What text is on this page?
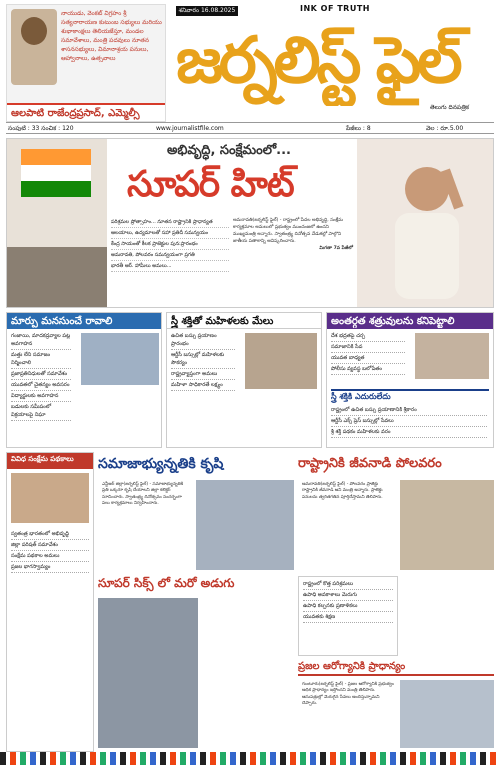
నాయుడు, వెంకట్ విగ్రహం శ్రీ సత్యనారాయణ కుటుంబ సభ్యులు మరియు శుభాకాంక్షలు తెలియజేస్తూ, మండల సమావేశాలు, మంత్రి పదవులు నూతన శాసనసభ్యులు, విమానాశ్రయ పనులు, ఆహ్వానాలు, ఉత్సవాలు
ఆలపాటి రాజేంద్రప్రసాద్, ఎమ్మెల్సీ
శనివారం 16.08.2025	INK OF TRUTH
జర్నలిస్ట్ ఫైల్
తెలుగు దినపత్రిక
సంపుటి : 33 సంచిక : 120	www.journalistfile.com	పేజీలు : 8	వెల : రూ.5.00
అభివృద్ధి, సంక్షేమంలో...
సూపర్ హిట్
పరిశ్రమల ప్రోత్సాహం... నూతన రాష్ట్రానికి ప్రాధాన్యత
ఆలయాలు, ఉద్యమాలతో సహా ప్రతిదీ సమన్వయం
కేంద్ర సాయంతో కీలక ప్రాజెక్టుల పున:ప్రారంభం
అమరావతి, పోలవరం సమన్వయంగా ప్రగతి
భారతీ ఆర్. హామీలు అమలు...
అమరావతి(జర్నలిస్ట్ ఫైల్) - రాష్ట్రంలో పేదల అభివృద్ధి, సంక్షేమ కార్యక్రమాల అమలులో ప్రభుత్వం ముందంజలో ఉందని ముఖ్యమంత్రి అన్నారు. స్వాతంత్ర్య దినోత్సవ వేడుకల్లో పాల్గొని జాతీయ పతాకాన్ని ఆవిష్కరించారు.
మిగతా 7వ పేజీలో
మార్పు మనసుంచే రావాలి
గంజాయి, మాదకద్రవ్యాల పట్ల అవగాహన
మత్తు లేని సమాజం నిర్మించాలి
ప్రజాప్రతినిధులతో సమావేశం
యువతలో చైతన్యం అవసరం
విద్యార్థులకు అవగాహన
బడులకు సమీపంలో విక్రయాలపై నిఘా
స్త్రీ శక్తితో మహిళలకు మేలు
ఉచిత బస్సు ప్రయాణం ప్రారంభం
ఆర్టీసీ బస్సుల్లో మహిళలకు సౌకర్యం
రాష్ట్రవ్యాప్తంగా అమలు
మహిళా సాధికారతే లక్ష్యం
అంతర్గత శత్రువులను కనిపెట్టాలి
దేశ భద్రతపై చర్చ
సమాజానికి సేవ
యువత బాధ్యత
పోలీసు వ్యవస్థ బలోపేతం
స్త్రీ శక్తికి ఎదురులేదు
రాష్ట్రంలో ఉచిత బస్సు ప్రయాణానికి శ్రీకారం
ఆర్టీసీ ఎక్స్ ప్రెస్ బస్సుల్లో సేవలు
శ్రీ శక్తి పథకం మహిళలకు వరం
వివిధ సంక్షేమ పథకాలు
స్వతంత్ర భారతంలో అభివృద్ధి
జిల్లా పరిషత్ సమావేశం
సంక్షేమ పథకాల అమలు
ప్రజల భాగస్వామ్యం
సమాజాభ్యున్నతికి కృషి
ఎన్టీఆర్ జిల్లా(జర్నలిస్ట్ ఫైల్) - సమాజాభ్యున్నతికి ప్రతి ఒక్కరూ కృషి చేయాలని జిల్లా కలెక్టర్ సూచించారు. స్వాతంత్ర్య దినోత్సవం సందర్భంగా పలు కార్యక్రమాలు నిర్వహించారు.
రాష్ట్రానికి జీవనాడి పోలవరం
అమరావతి(జర్నలిస్ట్ ఫైల్) - పోలవరం ప్రాజెక్టు రాష్ట్రానికి జీవనాడి అని మంత్రి అన్నారు. ప్రాజెక్టు పనులను త్వరితగతిన పూర్తిచేస్తామని తెలిపారు.
సూపర్ సిక్స్ లో మరో అడుగు	రాష్ట్రంలో కొత్త పరిశ్రమలు
ఉపాధి అవకాశాలు మెరుగు
ఉపాధి కల్పనకు ప్రణాళికలు
యువతకు శిక్షణ
ప్రజల ఆరోగ్యానికి ప్రాధాన్యం
గుంటూరు(జర్నలిస్ట్ ఫైల్) - ప్రజల ఆరోగ్యానికి ప్రభుత్వం అధిక ప్రాధాన్యం ఇస్తోందని మంత్రి తెలిపారు. ఆసుపత్రుల్లో మెరుగైన సేవలు అందిస్తున్నామని చెప్పారు.
